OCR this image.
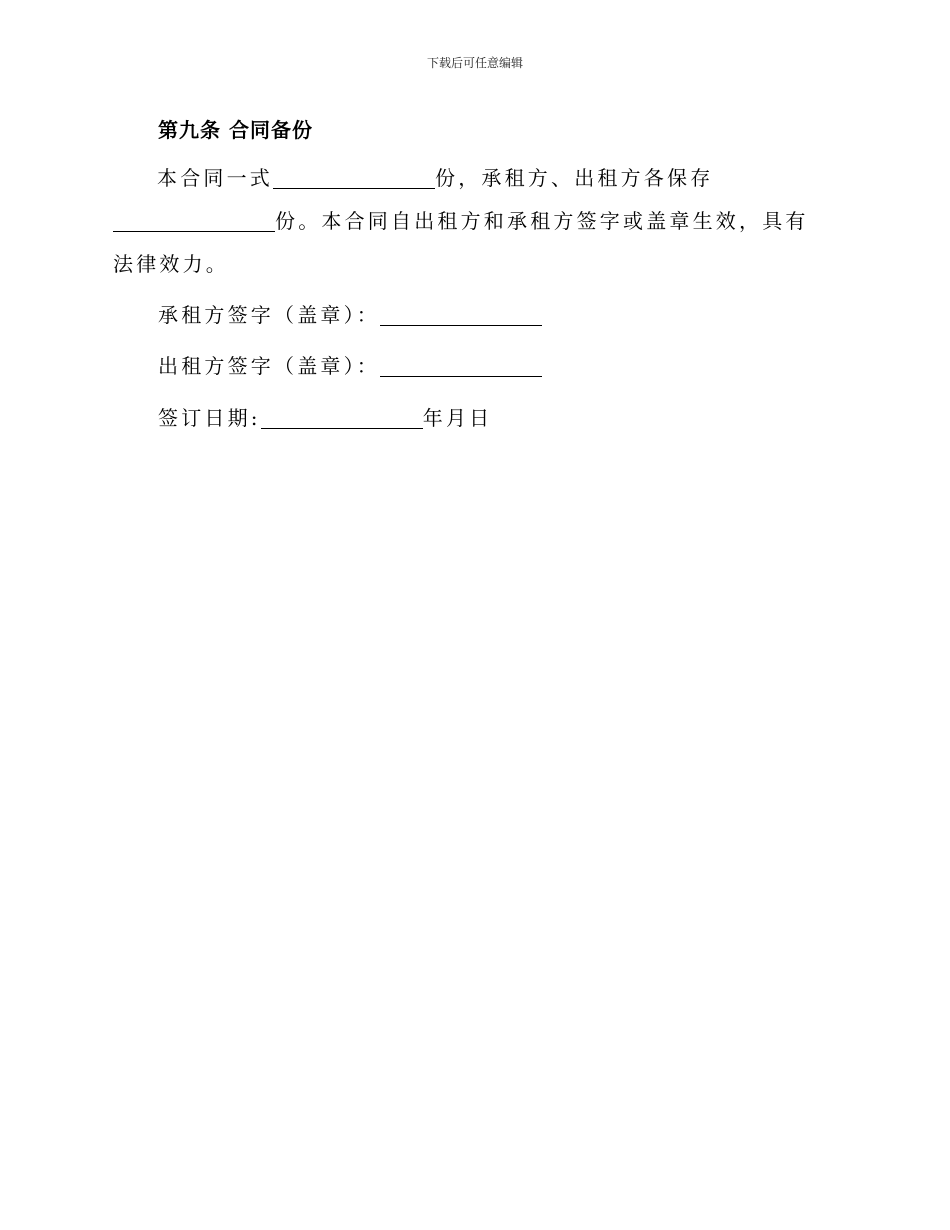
下载后可任意编辑
第九条 合同备份
本合同一式	份，承租方、出租方各保存份。本合同自出租方和承租方签字或盖章生效，具有法律效力。
承租方签字（盖章）：
出租方签字（盖章）：
签订日期:	年月日
